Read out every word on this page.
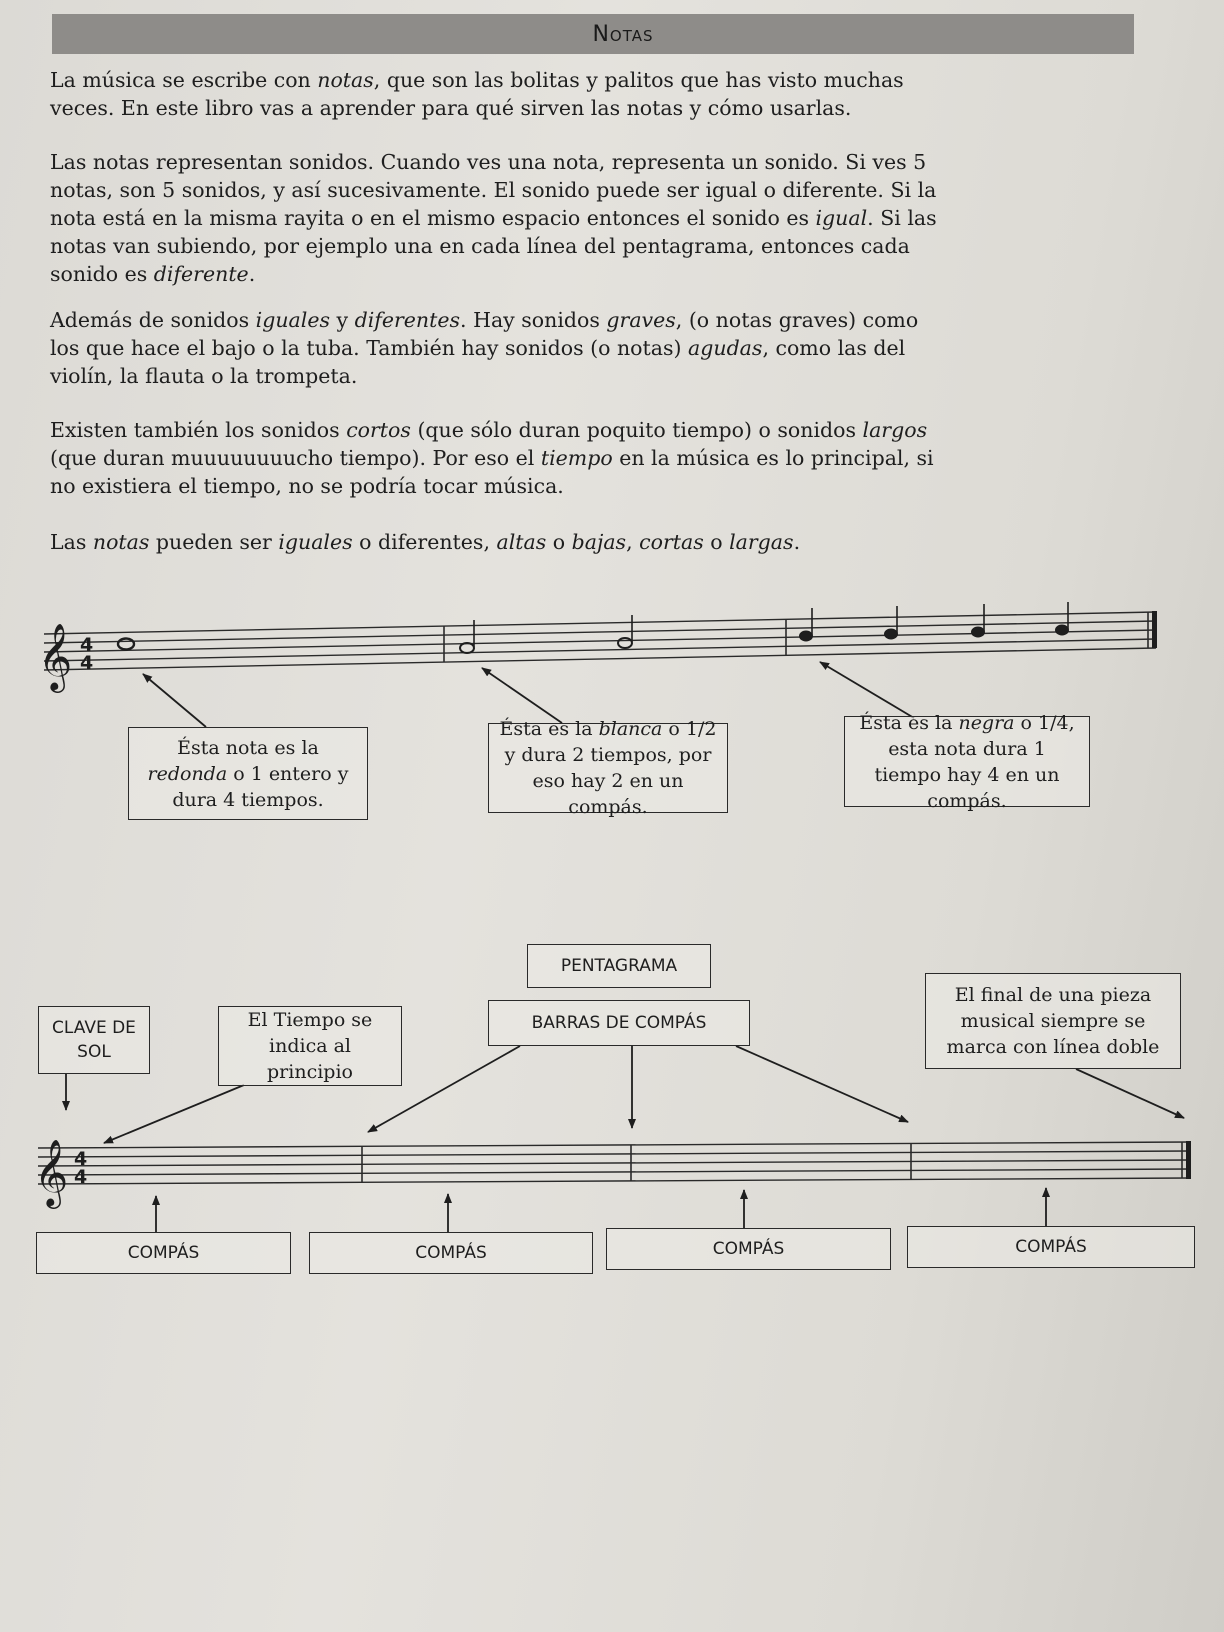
Notas

La música se escribe con notas, que son las bolitas y palitos que has visto muchas veces. En este libro vas a aprender para qué sirven las notas y cómo usarlas.

Las notas representan sonidos. Cuando ves una nota, representa un sonido. Si ves 5 notas, son 5 sonidos, y así sucesivamente. El sonido puede ser igual o diferente. Si la nota está en la misma rayita o en el mismo espacio entonces el sonido es igual. Si las notas van subiendo, por ejemplo una en cada línea del pentagrama, entonces cada sonido es diferente.

Además de sonidos iguales y diferentes. Hay sonidos graves, (o notas graves) como los que hace el bajo o la tuba. También hay sonidos (o notas) agudas, como las del violín, la flauta o la trompeta.

Existen también los sonidos cortos (que sólo duran poquito tiempo) o sonidos largos (que duran muuuuuuuucho tiempo). Por eso el tiempo en la música es lo principal, si no existiera el tiempo, no se podría tocar música.

Las notas pueden ser iguales o diferentes, altas o bajas, cortas o largas.

𝄞 4
4
𝄞 4
4
Ésta nota es la redonda o 1 entero y dura 4 tiempos.
Ésta es la blanca o 1/2 y dura 2 tiempos, por eso hay 2 en un compás.
Ésta es la negra o 1/4, esta nota dura 1 tiempo hay 4 en un compás.
PENTAGRAMA
BARRAS DE COMPÁS
CLAVE DE SOL
El Tiempo se indica al principio
El final de una pieza musical siempre se marca con línea doble
COMPÁS	COMPÁS	COMPÁS	COMPÁS
